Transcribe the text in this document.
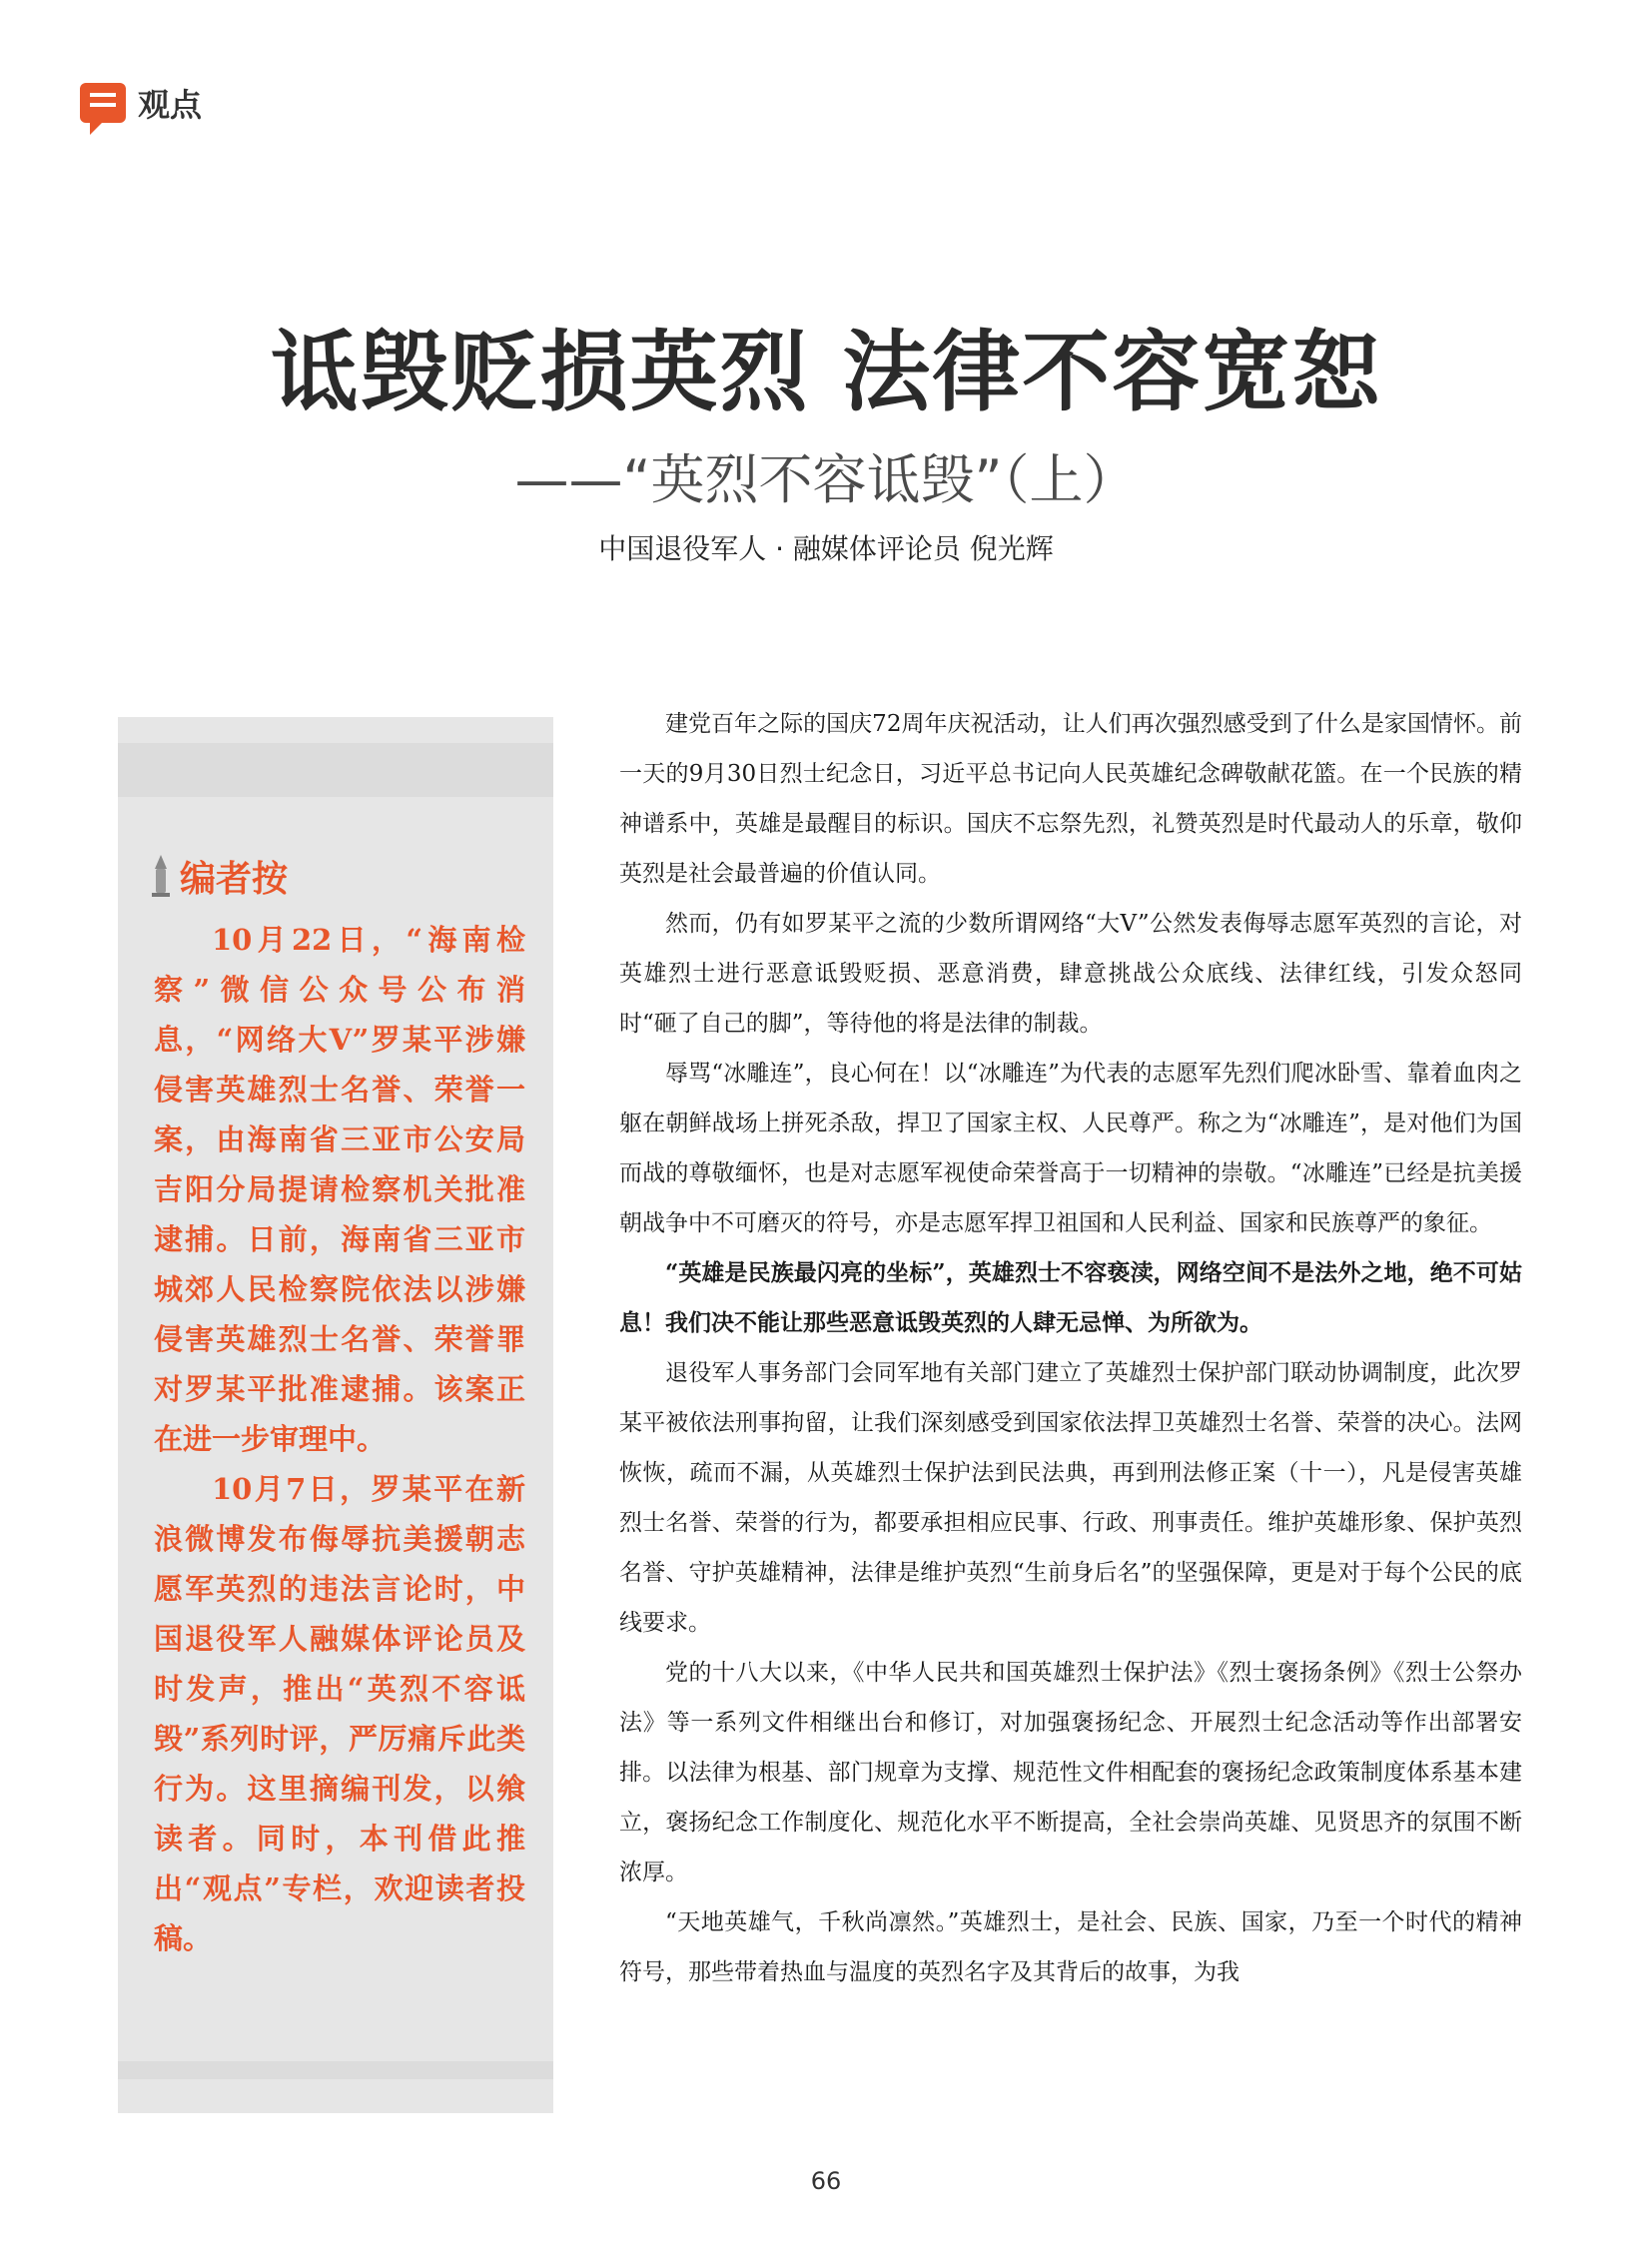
观点
诋毁贬损英烈 法律不容宽恕
——“英烈不容诋毁”（上）
中国退役军人 · 融媒体评论员 倪光辉
编者按

10月22日，“海南检察”微信公众号公布消息，“网络大V”罗某平涉嫌侵害英雄烈士名誉、荣誉一案，由海南省三亚市公安局吉阳分局提请检察机关批准逮捕。日前，海南省三亚市城郊人民检察院依法以涉嫌侵害英雄烈士名誉、荣誉罪对罗某平批准逮捕。该案正在进一步审理中。

10月7日，罗某平在新浪微博发布侮辱抗美援朝志愿军英烈的违法言论时，中国退役军人融媒体评论员及时发声，推出“英烈不容诋毁”系列时评，严厉痛斥此类行为。这里摘编刊发，以飨读者。同时，本刊借此推出“观点”专栏，欢迎读者投稿。

建党百年之际的国庆72周年庆祝活动，让人们再次强烈感受到了什么是家国情怀。前一天的9月30日烈士纪念日，习近平总书记向人民英雄纪念碑敬献花篮。在一个民族的精神谱系中，英雄是最醒目的标识。国庆不忘祭先烈，礼赞英烈是时代最动人的乐章，敬仰英烈是社会最普遍的价值认同。

然而，仍有如罗某平之流的少数所谓网络“大V”公然发表侮辱志愿军英烈的言论，对英雄烈士进行恶意诋毁贬损、恶意消费，肆意挑战公众底线、法律红线，引发众怒同时“砸了自己的脚”，等待他的将是法律的制裁。

辱骂“冰雕连”，良心何在！以“冰雕连”为代表的志愿军先烈们爬冰卧雪、靠着血肉之躯在朝鲜战场上拼死杀敌，捍卫了国家主权、人民尊严。称之为“冰雕连”，是对他们为国而战的尊敬缅怀，也是对志愿军视使命荣誉高于一切精神的崇敬。“冰雕连”已经是抗美援朝战争中不可磨灭的符号，亦是志愿军捍卫祖国和人民利益、国家和民族尊严的象征。

“英雄是民族最闪亮的坐标”，英雄烈士不容亵渎，网络空间不是法外之地，绝不可姑息！我们决不能让那些恶意诋毁英烈的人肆无忌惮、为所欲为。

退役军人事务部门会同军地有关部门建立了英雄烈士保护部门联动协调制度，此次罗某平被依法刑事拘留，让我们深刻感受到国家依法捍卫英雄烈士名誉、荣誉的决心。法网恢恢，疏而不漏，从英雄烈士保护法到民法典，再到刑法修正案（十一），凡是侵害英雄烈士名誉、荣誉的行为，都要承担相应民事、行政、刑事责任。维护英雄形象、保护英烈名誉、守护英雄精神，法律是维护英烈“生前身后名”的坚强保障，更是对于每个公民的底线要求。

党的十八大以来，《中华人民共和国英雄烈士保护法》《烈士褒扬条例》《烈士公祭办法》等一系列文件相继出台和修订，对加强褒扬纪念、开展烈士纪念活动等作出部署安排。以法律为根基、部门规章为支撑、规范性文件相配套的褒扬纪念政策制度体系基本建立，褒扬纪念工作制度化、规范化水平不断提高，全社会崇尚英雄、见贤思齐的氛围不断浓厚。

“天地英雄气，千秋尚凛然。”英雄烈士，是社会、民族、国家，乃至一个时代的精神符号，那些带着热血与温度的英烈名字及其背后的故事，为我

66
